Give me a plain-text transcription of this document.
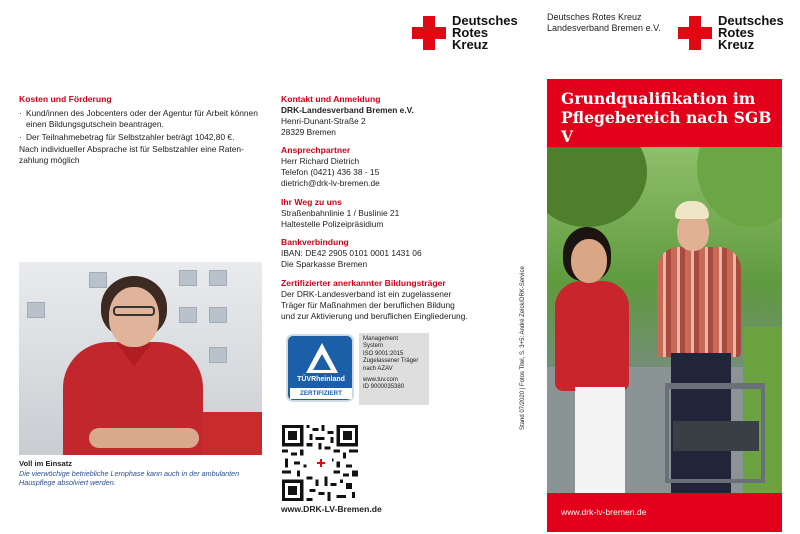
Deutsches
Rotes
Kreuz
Deutsches Rotes Kreuz
Landesverband Bremen e.V.	Deutsches
Rotes
Kreuz
Kosten und Förderung
· Kund/innen des Jobcenters oder der Agentur für Arbeit können einen Bildungsgutschein beantragen.
· Der Teilnahmebetrag für Selbstzahler beträgt 1042,80 €.
Nach individueller Absprache ist für Selbstzahler eine Raten-
zahlung möglich
Voll im Einsatz
Die vierwöchige betriebliche Lernphase kann auch in der ambulanten
Hauspflege absolviert werden.
Kontakt und Anmeldung
DRK-Landesverband Bremen e.V.
Henri-Dunant-Straße 2
28329 Bremen
Ansprechpartner
Herr Richard Dietrich
Telefon (0421) 436 38 - 15
dietrich@drk-lv-bremen.de
Ihr Weg zu uns
Straßenbahnlinie 1 / Buslinie 21
Haltestelle Polizeipräsidium
Bankverbindung
IBAN: DE42 2905 0101 0001 1431 06
Die Sparkasse Bremen
Zertifizierter anerkannter Bildungsträger
Der DRK-Landesverband ist ein zugelassener
Träger für Maßnahmen der beruflichen Bildung
und zur Aktivierung und beruflichen Eingliederung.
TÜVRheinland
ZERTIFIZIERT
Management
System
ISO 9001:2015
Zugelassener Träger
nach AZAV
www.tuv.com
ID 9000035380
www.DRK-LV-Bremen.de
Stand 07/2020 | Fotos Titel, S. 3+5: André Zelck/DRK-Service
Grundqualifikation im
Pflegebereich nach SGB V
www.drk-lv-bremen.de
